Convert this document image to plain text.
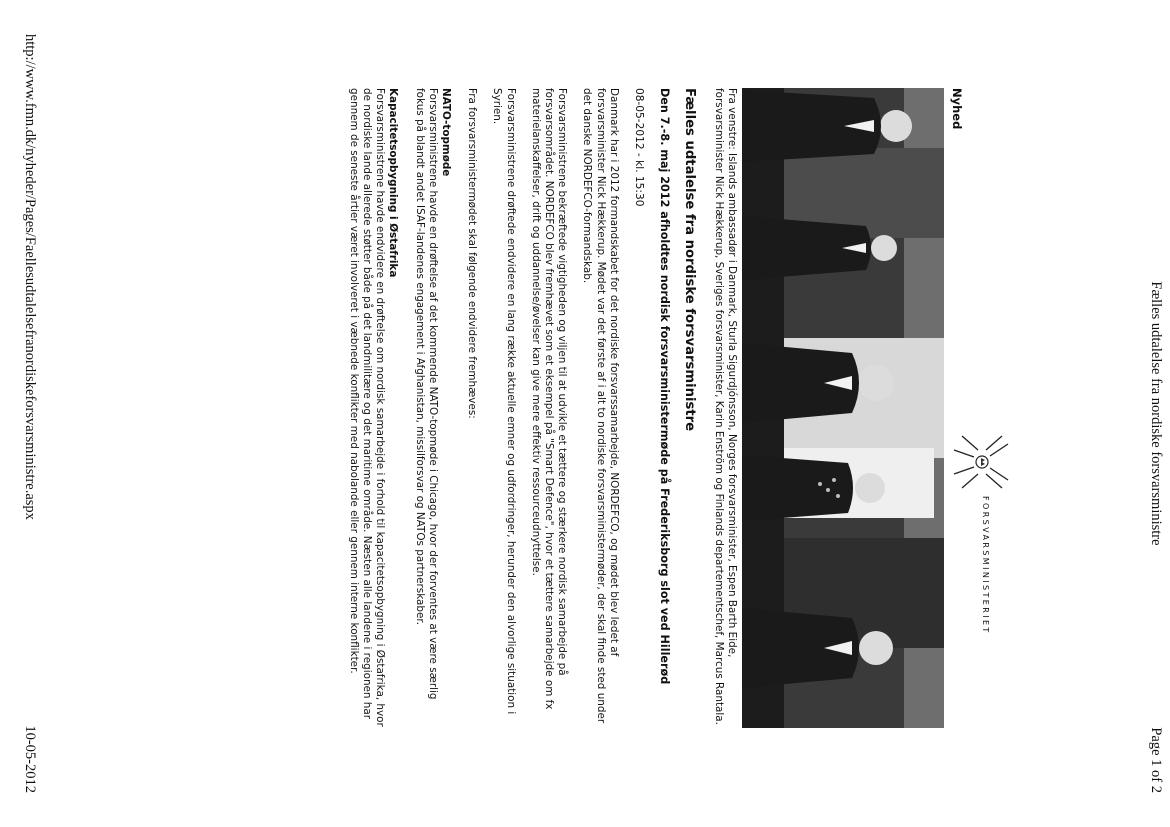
Fælles udtalelse fra nordiske forsvarsministre
Page 1 of 2
FORSVARSMINISTERIET
Nyhed
Fra venstre: Islands ambassadør i Danmark, Sturla Sigurdjónsson, Norges forsvarsminister, Espen Barth Eide, forsvarsminister Nick Hækkerup, Sveriges forsvarsminister, Karin Enström og Finlands departementschef, Marcus Rantala.
Fælles udtalelse fra nordiske forsvarsministre
Den 7.-8. maj 2012 afholdtes nordisk forsvarsministermøde på Frederiksborg slot ved Hillerød
08-05-2012 - kl. 15:30

Danmark har i 2012 formandskabet for det nordiske forsvarssamarbejde, NORDEFCO, og mødet blev ledet af forsvarsminister Nick Hækkerup. Mødet var det første af i alt to nordiske forsvarsministermøder, der skal finde sted under det danske NORDEFCO-formandskab.

Forsvarsministrene bekræftede vigtigheden og viljen til at udvikle et tættere og stærkere nordisk samarbejde på forsvarsområdet. NORDEFCO blev fremhævet som et eksempel på "Smart Defence", hvor et tættere samarbejde om fx materielanskaffelser, drift og uddannelse/øvelser kan give mere effektiv ressourceudnyttelse.

Forsvarsministrene drøftede endvidere en lang række aktuelle emner og udfordringer, herunder den alvorlige situation i Syrien.

Fra forsvarsministermødet skal følgende endvidere fremhæves:

NATO-topmøde

Forsvarsministrene havde en drøftelse af det kommende NATO-topmøde i Chicago, hvor der forventes at være særlig fokus på blandt andet ISAF-landenes engagement i Afghanistan, missilforsvar og NATOs partnerskaber.

Kapacitetsopbygning i Østafrika

Forsvarsministrene havde endvidere en drøftelse om nordisk samarbejde i forhold til kapacitetsopbygning i Østafrika, hvor de nordiske lande allerede støtter både på det landmilitære og det maritime område. Næsten alle landene i regionen har gennem de seneste årtier været involveret i væbnede konflikter med nabolande eller gennem interne konflikter.

http://www.fmn.dk/nyheder/Pages/Faellesudtalelsefranordiskeforsvarsministre.aspx
10-05-2012
